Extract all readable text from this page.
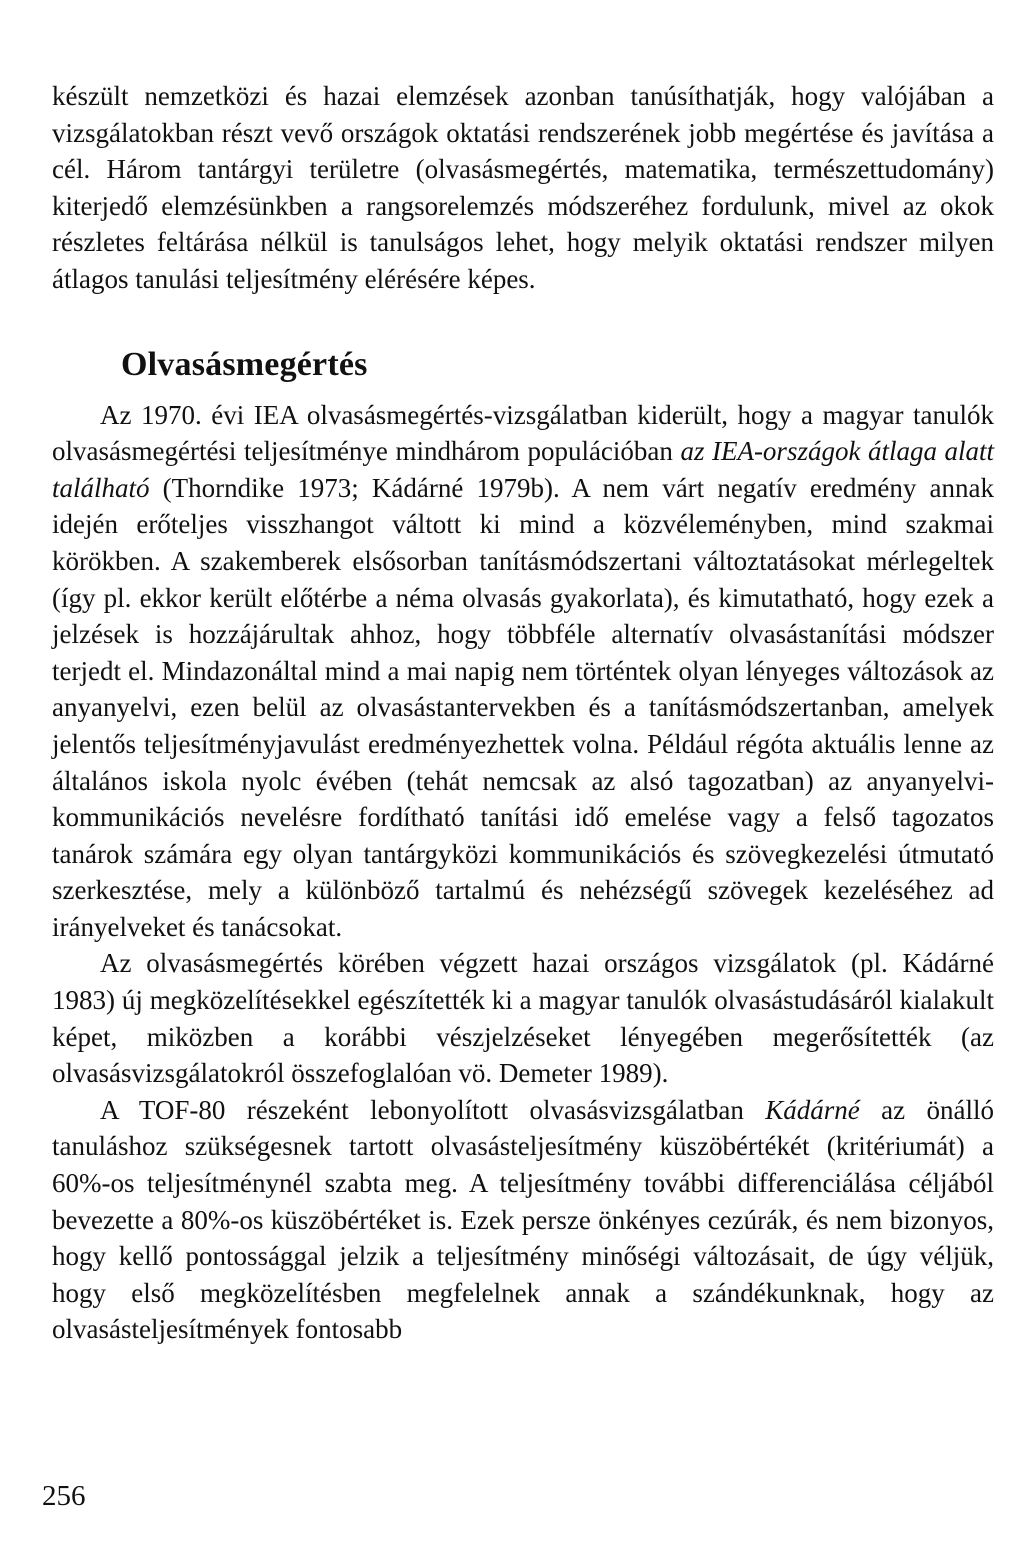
készült nemzetközi és hazai elemzések azonban tanúsíthatják, hogy valójában a vizsgálatokban részt vevő országok oktatási rendszerének jobb megértése és javítása a cél. Három tantárgyi területre (olvasásmegértés, matematika, természettudomány) kiterjedő elemzésünkben a rangsorelemzés módszeréhez fordulunk, mivel az okok részletes feltárása nélkül is tanulságos lehet, hogy melyik oktatási rendszer milyen átlagos tanulási teljesítmény elérésére képes.

Olvasásmegértés

Az 1970. évi IEA olvasásmegértés-vizsgálatban kiderült, hogy a magyar tanulók olvasásmegértési teljesítménye mindhárom populációban az IEA-országok átlaga alatt található (Thorndike 1973; Kádárné 1979b). A nem várt negatív eredmény annak idején erőteljes visszhangot váltott ki mind a közvéleményben, mind szakmai körökben. A szakemberek elsősorban tanításmódszertani változtatásokat mérlegeltek (így pl. ekkor került előtérbe a néma olvasás gyakorlata), és kimutatható, hogy ezek a jelzések is hozzájárultak ahhoz, hogy többféle alternatív olvasástanítási módszer terjedt el. Mindazonáltal mind a mai napig nem történtek olyan lényeges változások az anyanyelvi, ezen belül az olvasástantervekben és a tanításmódszertanban, amelyek jelentős teljesítményjavulást eredményezhettek volna. Például régóta aktuális lenne az általános iskola nyolc évében (tehát nemcsak az alsó tagozatban) az anyanyelvi-kommunikációs nevelésre fordítható tanítási idő emelése vagy a felső tagozatos tanárok számára egy olyan tantárgyközi kommunikációs és szövegkezelési útmutató szerkesztése, mely a különböző tartalmú és nehézségű szövegek kezeléséhez ad irányelveket és tanácsokat.

Az olvasásmegértés körében végzett hazai országos vizsgálatok (pl. Kádárné 1983) új megközelítésekkel egészítették ki a magyar tanulók olvasástudásáról kialakult képet, miközben a korábbi vészjelzéseket lényegében megerősítették (az olvasásvizsgálatokról összefoglalóan vö. Demeter 1989).

A TOF-80 részeként lebonyolított olvasásvizsgálatban Kádárné az önálló tanuláshoz szükségesnek tartott olvasásteljesítmény küszöbértékét (kritériumát) a 60%-os teljesítménynél szabta meg. A teljesítmény további differenciálása céljából bevezette a 80%-os küszöbértéket is. Ezek persze önkényes cezúrák, és nem bizonyos, hogy kellő pontossággal jelzik a teljesítmény minőségi változásait, de úgy véljük, hogy első megközelítésben megfelelnek annak a szándékunknak, hogy az olvasásteljesítmények fontosabb

256
